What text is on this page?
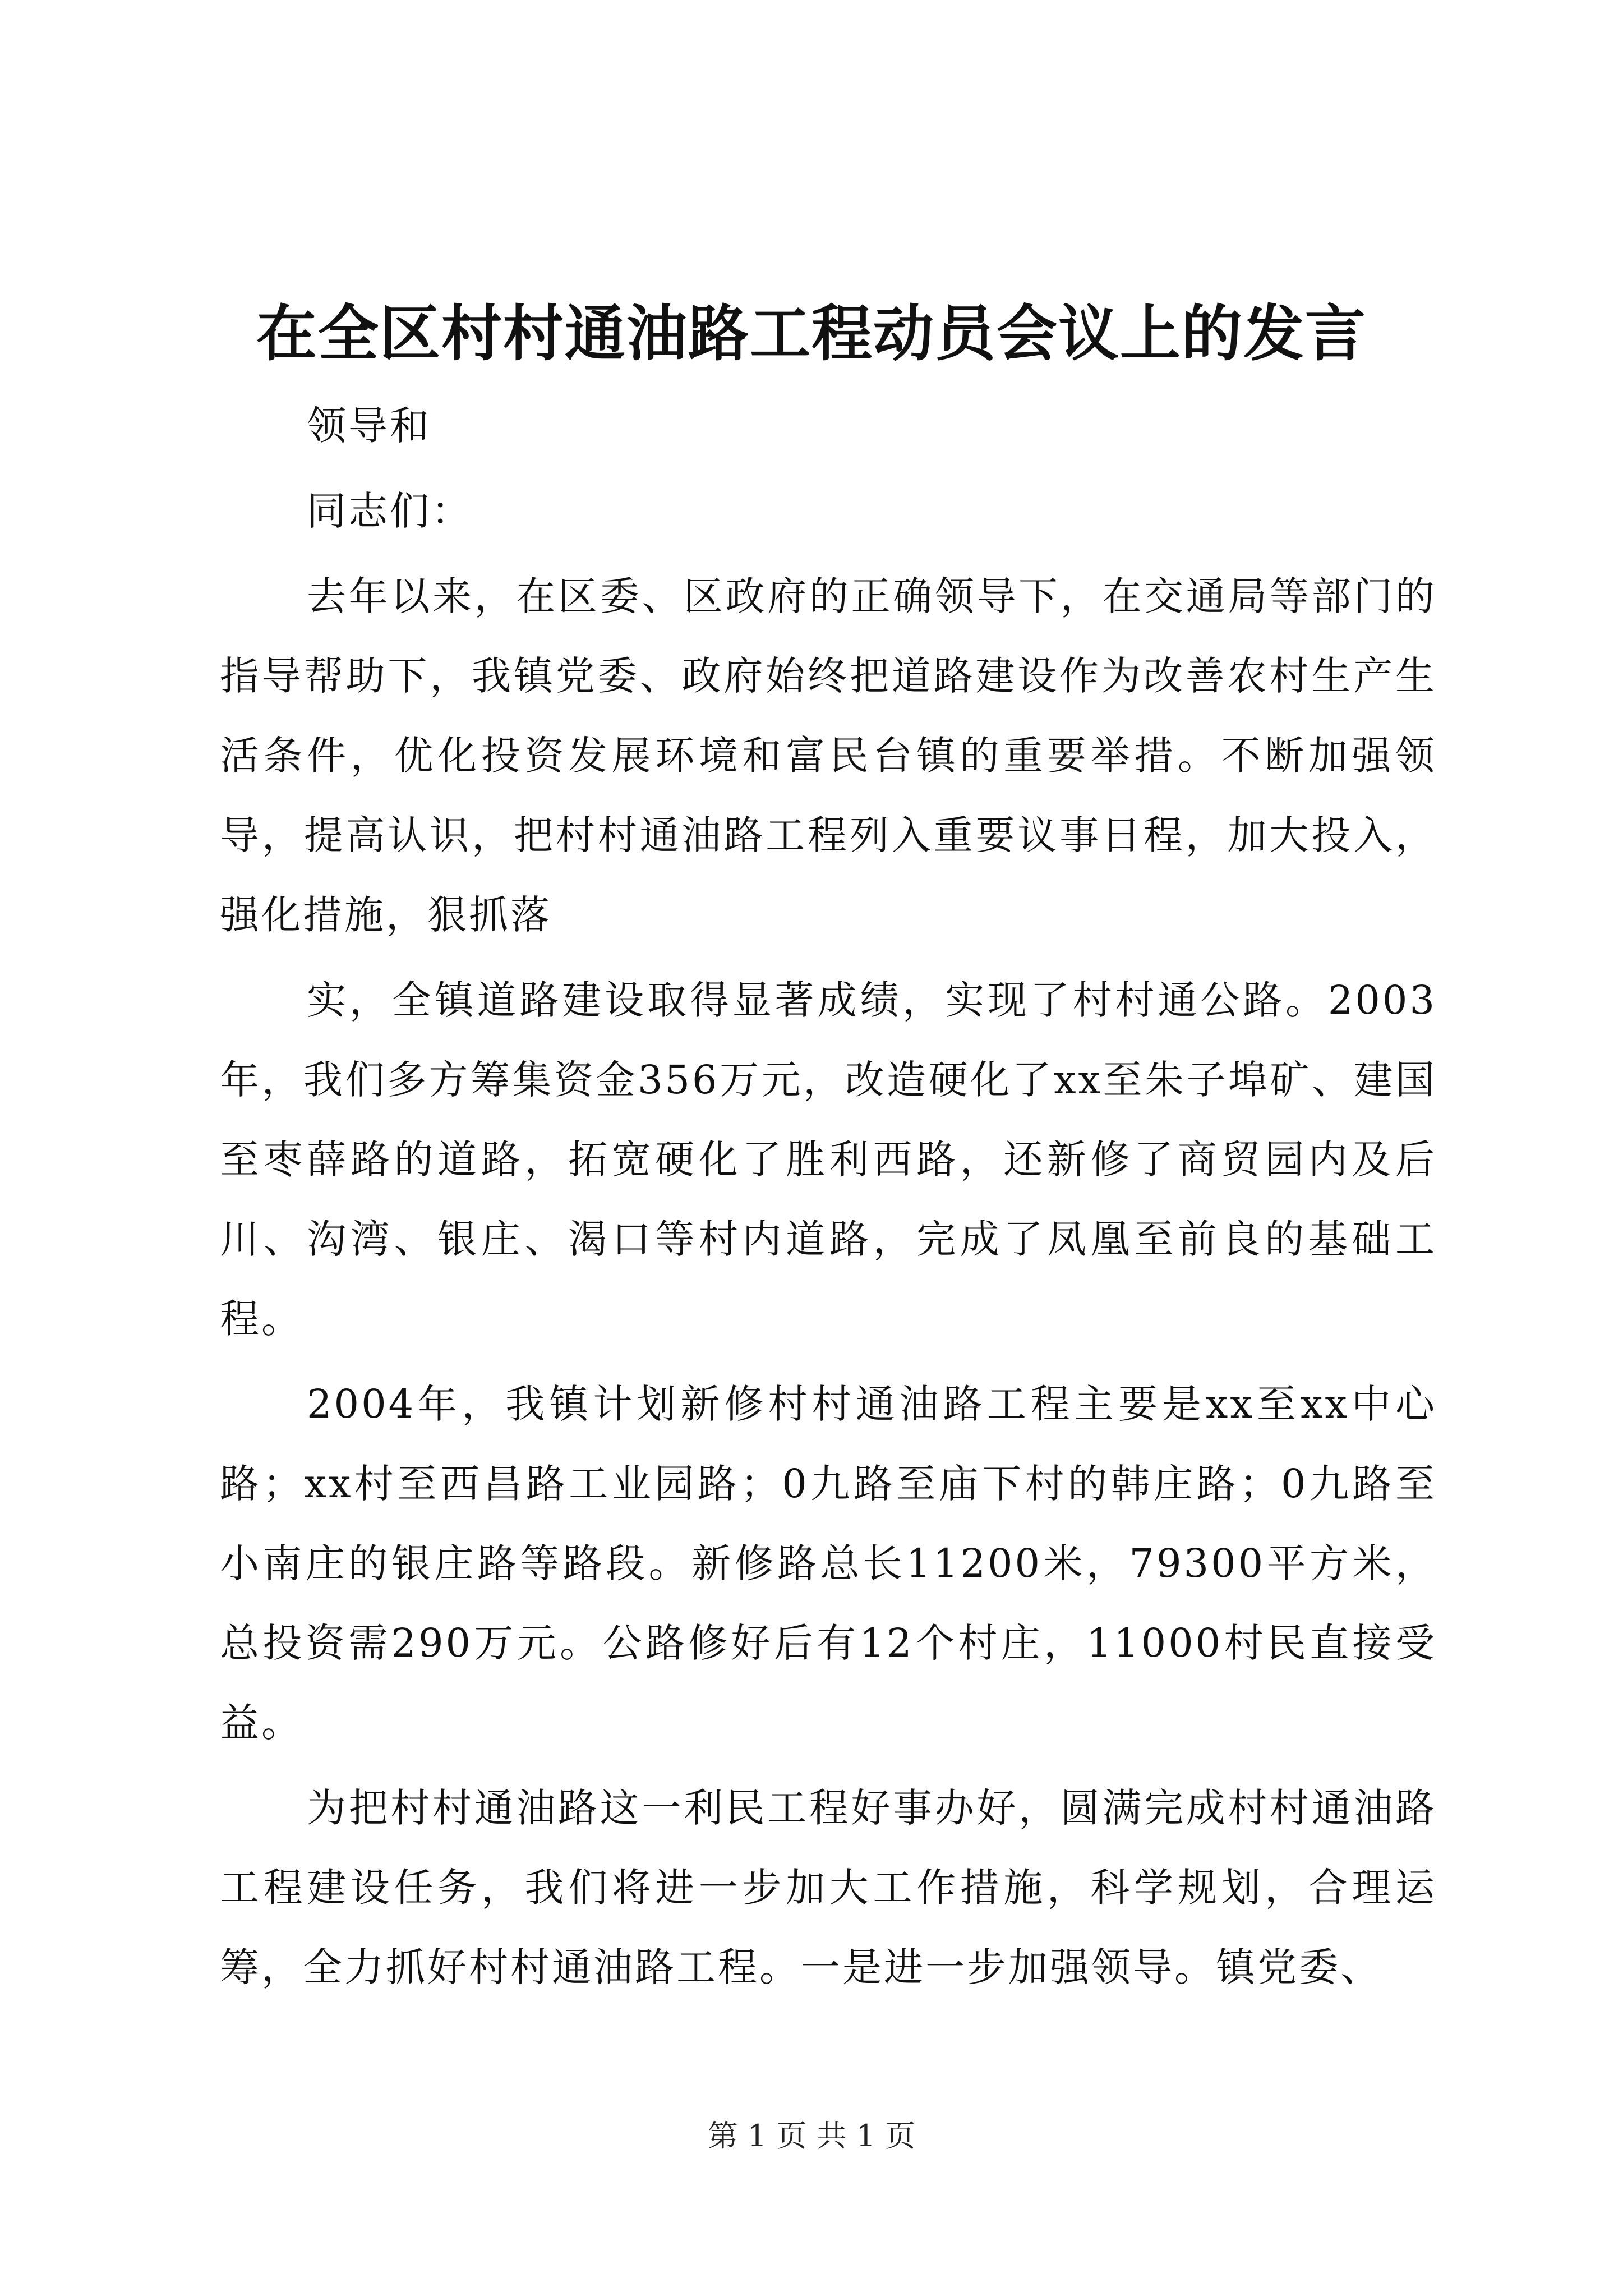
在全区村村通油路工程动员会议上的发言

领导和

同志们：

去年以来，在区委、区政府的正确领导下，在交通局等部门的指导帮助下，我镇党委、政府始终把道路建设作为改善农村生产生活条件，优化投资发展环境和富民台镇的重要举措。不断加强领导，提高认识，把村村通油路工程列入重要议事日程，加大投入，强化措施，狠抓落

实，全镇道路建设取得显著成绩，实现了村村通公路。2003年，我们多方筹集资金356万元，改造硬化了xx至朱子埠矿、建国至枣薛路的道路，拓宽硬化了胜利西路，还新修了商贸园内及后川、沟湾、银庄、渴口等村内道路，完成了凤凰至前良的基础工程。

2004年，我镇计划新修村村通油路工程主要是xx至xx中心路；xx村至西昌路工业园路；0九路至庙下村的韩庄路；0九路至小南庄的银庄路等路段。新修路总长11200米，79300平方米，总投资需290万元。公路修好后有12个村庄，11000村民直接受益。

为把村村通油路这一利民工程好事办好，圆满完成村村通油路工程建设任务，我们将进一步加大工作措施，科学规划，合理运筹，全力抓好村村通油路工程。一是进一步加强领导。镇党委、

第 1 页 共 1 页
